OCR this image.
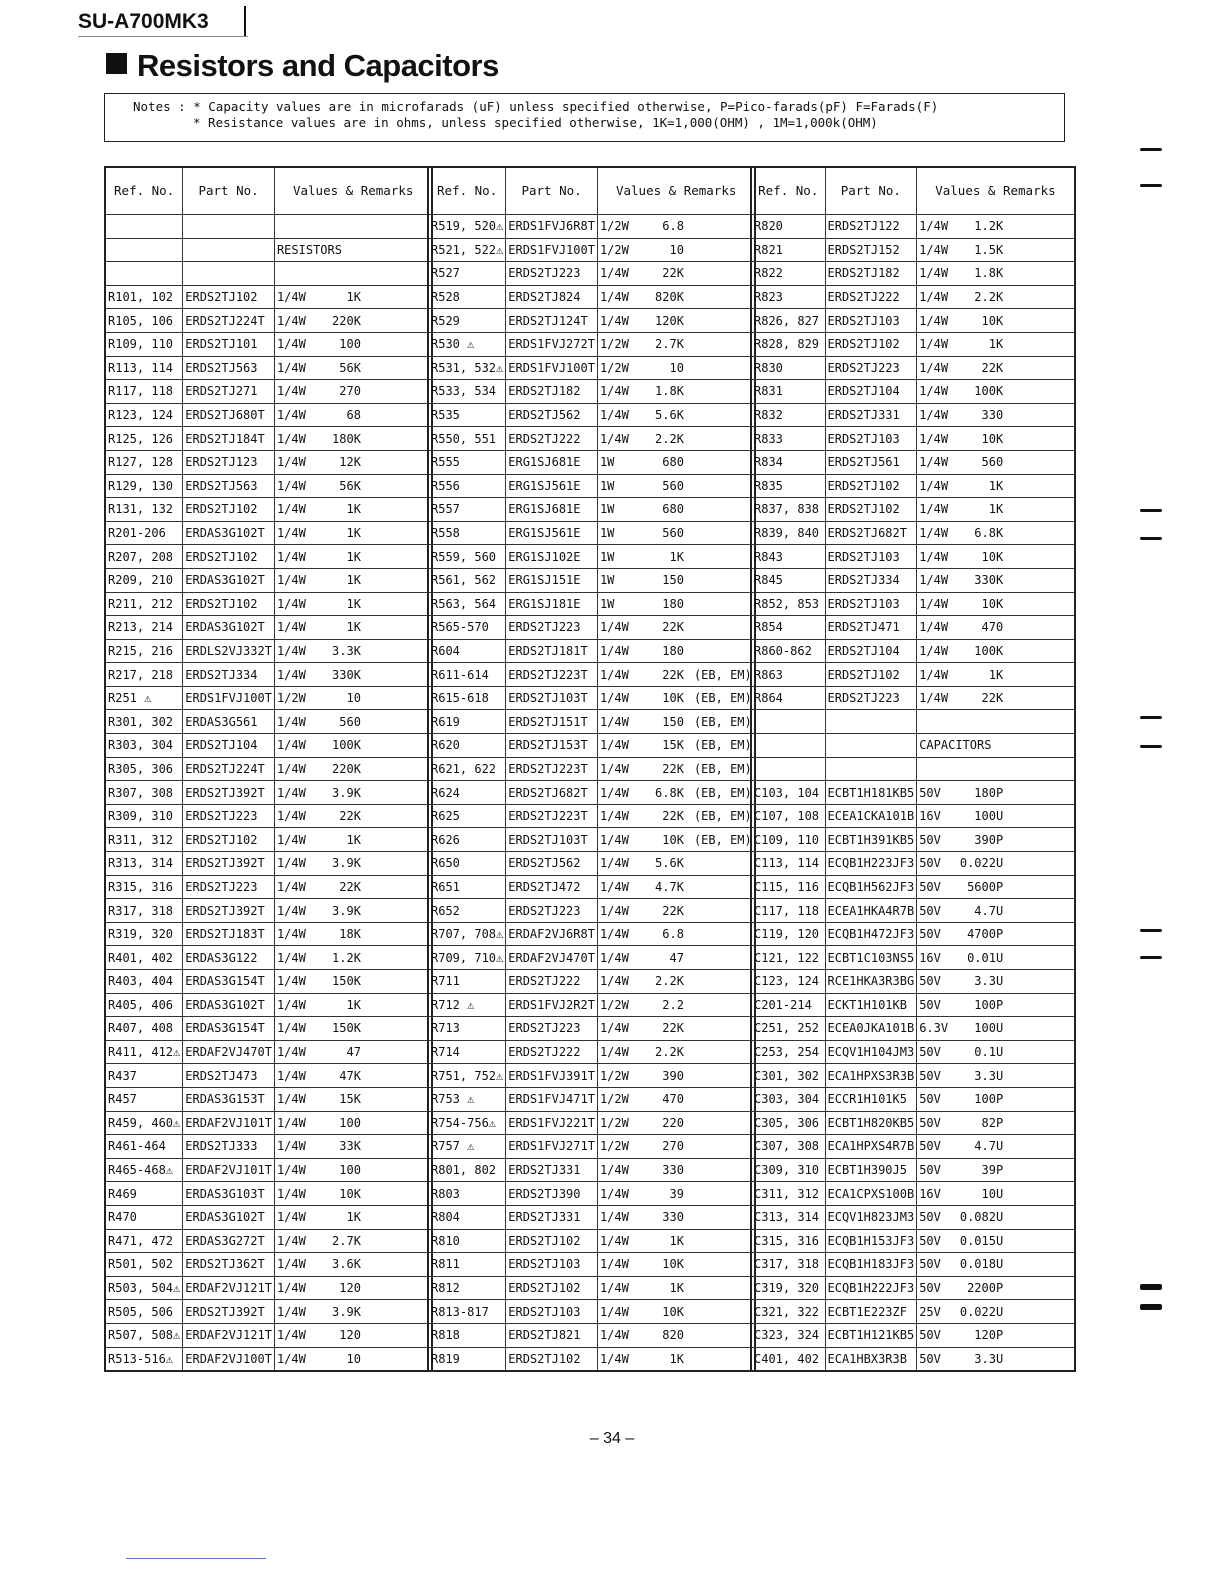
SU-A700MK3
Resistors and Capacitors
Notes : * Capacity values are in microfarads (uF) unless specified otherwise, P=Pico-farads(pF) F=Farads(F)
* Resistance values are in ohms, unless specified otherwise, 1K=1,000(OHM) , 1M=1,000k(OHM)
Ref. No.	Part No.	Values & Remarks

		RESISTORS

R101, 102	ERDS2TJ102	1/4W 1K

R105, 106	ERDS2TJ224T	1/4W 220K

R109, 110	ERDS2TJ101	1/4W 100

R113, 114	ERDS2TJ563	1/4W 56K

R117, 118	ERDS2TJ271	1/4W 270

R123, 124	ERDS2TJ680T	1/4W 68

R125, 126	ERDS2TJ184T	1/4W 180K

R127, 128	ERDS2TJ123	1/4W 12K

R129, 130	ERDS2TJ563	1/4W 56K

R131, 132	ERDS2TJ102	1/4W 1K

R201-206	ERDAS3G102T	1/4W 1K

R207, 208	ERDS2TJ102	1/4W 1K

R209, 210	ERDAS3G102T	1/4W 1K

R211, 212	ERDS2TJ102	1/4W 1K

R213, 214	ERDAS3G102T	1/4W 1K

R215, 216	ERDLS2VJ332T	1/4W 3.3K

R217, 218	ERDS2TJ334	1/4W 330K

R251 ⚠	ERDS1FVJ100T	1/2W 10

R301, 302	ERDAS3G561	1/4W 560

R303, 304	ERDS2TJ104	1/4W 100K

R305, 306	ERDS2TJ224T	1/4W 220K

R307, 308	ERDS2TJ392T	1/4W 3.9K

R309, 310	ERDS2TJ223	1/4W 22K

R311, 312	ERDS2TJ102	1/4W 1K

R313, 314	ERDS2TJ392T	1/4W 3.9K

R315, 316	ERDS2TJ223	1/4W 22K

R317, 318	ERDS2TJ392T	1/4W 3.9K

R319, 320	ERDS2TJ183T	1/4W 18K

R401, 402	ERDAS3G122	1/4W 1.2K

R403, 404	ERDAS3G154T	1/4W 150K

R405, 406	ERDAS3G102T	1/4W 1K

R407, 408	ERDAS3G154T	1/4W 150K

R411, 412⚠	ERDAF2VJ470T	1/4W 47

R437	ERDS2TJ473	1/4W 47K

R457	ERDAS3G153T	1/4W 15K

R459, 460⚠	ERDAF2VJ101T	1/4W 100

R461-464	ERDS2TJ333	1/4W 33K

R465-468⚠	ERDAF2VJ101T	1/4W 100

R469	ERDAS3G103T	1/4W 10K

R470	ERDAS3G102T	1/4W 1K

R471, 472	ERDAS3G272T	1/4W 2.7K

R501, 502	ERDS2TJ362T	1/4W 3.6K

R503, 504⚠	ERDAF2VJ121T	1/4W 120

R505, 506	ERDS2TJ392T	1/4W 3.9K

R507, 508⚠	ERDAF2VJ121T	1/4W 120

R513-516⚠	ERDAF2VJ100T	1/4W 10
Ref. No.	Part No.	Values & Remarks
R519, 520⚠	ERDS1FVJ6R8T	1/2W 6.8

R521, 522⚠	ERDS1FVJ100T	1/2W 10

R527	ERDS2TJ223	1/4W 22K

R528	ERDS2TJ824	1/4W 820K

R529	ERDS2TJ124T	1/4W 120K

R530 ⚠	ERDS1FVJ272T	1/2W 2.7K

R531, 532⚠	ERDS1FVJ100T	1/2W 10

R533, 534	ERDS2TJ182	1/4W 1.8K

R535	ERDS2TJ562	1/4W 5.6K

R550, 551	ERDS2TJ222	1/4W 2.2K

R555	ERG1SJ681E	1W 680

R556	ERG1SJ561E	1W 560

R557	ERG1SJ681E	1W 680

R558	ERG1SJ561E	1W 560

R559, 560	ERG1SJ102E	1W 1K

R561, 562	ERG1SJ151E	1W 150

R563, 564	ERG1SJ181E	1W 180

R565-570	ERDS2TJ223	1/4W 22K

R604	ERDS2TJ181T	1/4W 180

R611-614	ERDS2TJ223T	1/4W 22K (EB, EM)

R615-618	ERDS2TJ103T	1/4W 10K (EB, EM)

R619	ERDS2TJ151T	1/4W 150 (EB, EM)

R620	ERDS2TJ153T	1/4W 15K (EB, EM)

R621, 622	ERDS2TJ223T	1/4W 22K (EB, EM)

R624	ERDS2TJ682T	1/4W 6.8K (EB, EM)

R625	ERDS2TJ223T	1/4W 22K (EB, EM)

R626	ERDS2TJ103T	1/4W 10K (EB, EM)

R650	ERDS2TJ562	1/4W 5.6K

R651	ERDS2TJ472	1/4W 4.7K

R652	ERDS2TJ223	1/4W 22K

R707, 708⚠	ERDAF2VJ6R8T	1/4W 6.8

R709, 710⚠	ERDAF2VJ470T	1/4W 47

R711	ERDS2TJ222	1/4W 2.2K

R712 ⚠	ERDS1FVJ2R2T	1/2W 2.2

R713	ERDS2TJ223	1/4W 22K

R714	ERDS2TJ222	1/4W 2.2K

R751, 752⚠	ERDS1FVJ391T	1/2W 390

R753 ⚠	ERDS1FVJ471T	1/2W 470

R754-756⚠	ERDS1FVJ221T	1/2W 220

R757 ⚠	ERDS1FVJ271T	1/2W 270

R801, 802	ERDS2TJ331	1/4W 330

R803	ERDS2TJ390	1/4W 39

R804	ERDS2TJ331	1/4W 330

R810	ERDS2TJ102	1/4W 1K

R811	ERDS2TJ103	1/4W 10K

R812	ERDS2TJ102	1/4W 1K

R813-817	ERDS2TJ103	1/4W 10K

R818	ERDS2TJ821	1/4W 820

R819	ERDS2TJ102	1/4W 1K
Ref. No.	Part No.	Values & Remarks
R820	ERDS2TJ122	1/4W 1.2K

R821	ERDS2TJ152	1/4W 1.5K

R822	ERDS2TJ182	1/4W 1.8K

R823	ERDS2TJ222	1/4W 2.2K

R826, 827	ERDS2TJ103	1/4W 10K

R828, 829	ERDS2TJ102	1/4W 1K

R830	ERDS2TJ223	1/4W 22K

R831	ERDS2TJ104	1/4W 100K

R832	ERDS2TJ331	1/4W 330

R833	ERDS2TJ103	1/4W 10K

R834	ERDS2TJ561	1/4W 560

R835	ERDS2TJ102	1/4W 1K

R837, 838	ERDS2TJ102	1/4W 1K

R839, 840	ERDS2TJ682T	1/4W 6.8K

R843	ERDS2TJ103	1/4W 10K

R845	ERDS2TJ334	1/4W 330K

R852, 853	ERDS2TJ103	1/4W 10K

R854	ERDS2TJ471	1/4W 470

R860-862	ERDS2TJ104	1/4W 100K

R863	ERDS2TJ102	1/4W 1K

R864	ERDS2TJ223	1/4W 22K

		CAPACITORS

C103, 104	ECBT1H181KB5	50V 180P

C107, 108	ECEA1CKA101B	16V 100U

C109, 110	ECBT1H391KB5	50V 390P

C113, 114	ECQB1H223JF3	50V 0.022U

C115, 116	ECQB1H562JF3	50V 5600P

C117, 118	ECEA1HKA4R7B	50V 4.7U

C119, 120	ECQB1H472JF3	50V 4700P

C121, 122	ECBT1C103NS5	16V 0.01U

C123, 124	RCE1HKA3R3BG	50V 3.3U

C201-214	ECKT1H101KB	50V 100P

C251, 252	ECEA0JKA101B	6.3V 100U

C253, 254	ECQV1H104JM3	50V 0.1U

C301, 302	ECA1HPXS3R3B	50V 3.3U

C303, 304	ECCR1H101K5	50V 100P

C305, 306	ECBT1H820KB5	50V 82P

C307, 308	ECA1HPXS4R7B	50V 4.7U

C309, 310	ECBT1H390J5	50V 39P

C311, 312	ECA1CPXS100B	16V 10U

C313, 314	ECQV1H823JM3	50V 0.082U

C315, 316	ECQB1H153JF3	50V 0.015U

C317, 318	ECQB1H183JF3	50V 0.018U

C319, 320	ECQB1H222JF3	50V 2200P

C321, 322	ECBT1E223ZF	25V 0.022U

C323, 324	ECBT1H121KB5	50V 120P

C401, 402	ECA1HBX3R3B	50V 3.3U
– 34 –
